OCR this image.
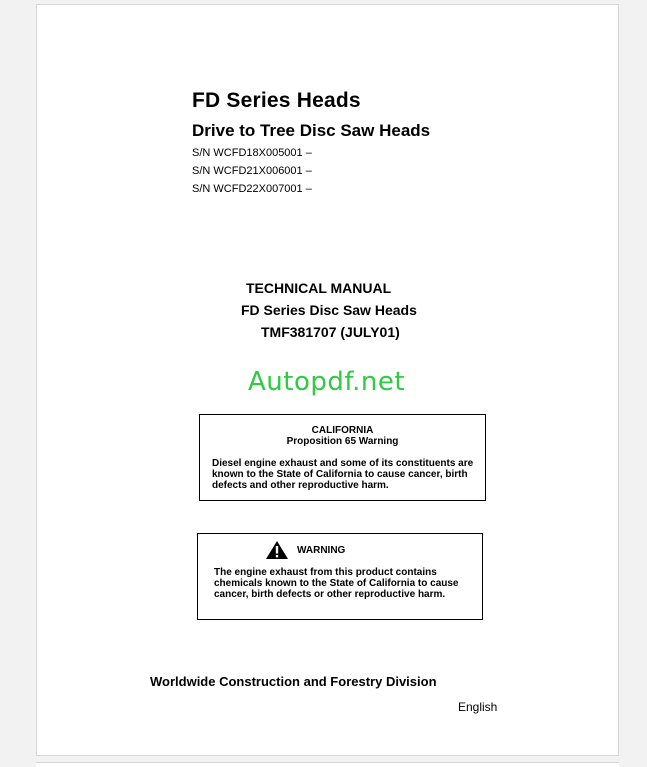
FD Series Heads
Drive to Tree Disc Saw Heads
S/N WCFD18X005001 –
S/N WCFD21X006001 –
S/N WCFD22X007001 –
TECHNICAL MANUAL
FD Series Disc Saw Heads
TMF381707 (JULY01)
Autopdf.net
CALIFORNIA
Proposition 65 Warning
Diesel engine exhaust and some of its constituents are known to the State of California to cause cancer, birth defects and other reproductive harm.
WARNING
The engine exhaust from this product contains chemicals known to the State of California to cause cancer, birth defects or other reproductive harm.
Worldwide Construction and Forestry Division
English
